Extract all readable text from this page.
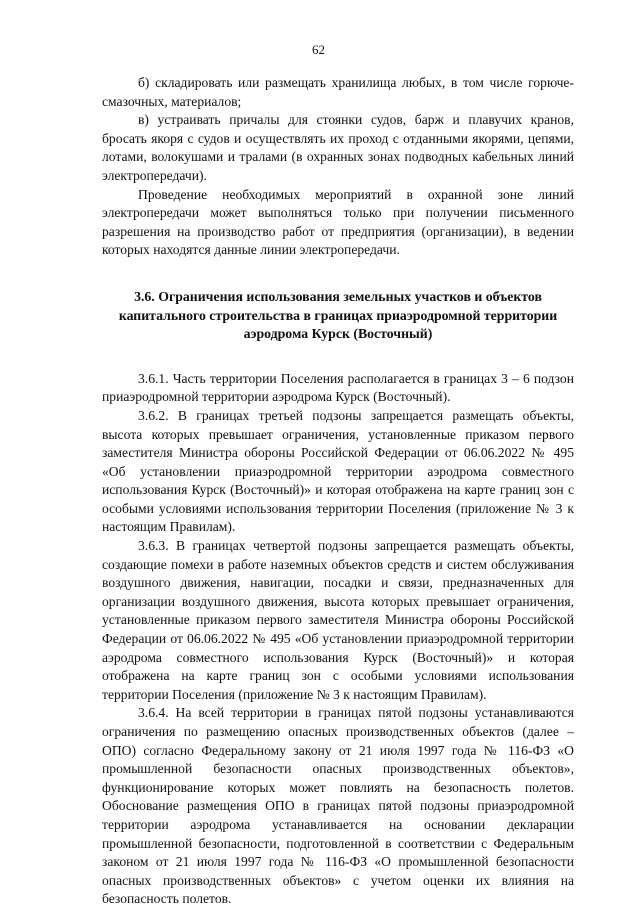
62

б) складировать или размещать хранилища любых, в том числе горюче-смазочных, материалов;

в) устраивать причалы для стоянки судов, барж и плавучих кранов, бросать якоря с судов и осуществлять их проход с отданными якорями, цепями, лотами, волокушами и тралами (в охранных зонах подводных кабельных линий электропередачи).

Проведение необходимых мероприятий в охранной зоне линий электропередачи может выполняться только при получении письменного разрешения на производство работ от предприятия (организации), в ведении которых находятся данные линии электропередачи.

3.6. Ограничения использования земельных участков и объектов капитального строительства в границах приаэродромной территории аэродрома Курск (Восточный)

3.6.1. Часть территории Поселения располагается в границах 3 – 6 подзон приаэродромной территории аэродрома Курск (Восточный).

3.6.2. В границах третьей подзоны запрещается размещать объекты, высота которых превышает ограничения, установленные приказом первого заместителя Министра обороны Российской Федерации от 06.06.2022 № 495 «Об установлении приаэродромной территории аэродрома совместного использования Курск (Восточный)» и которая отображена на карте границ зон с особыми условиями использования территории Поселения (приложение № 3 к настоящим Правилам).

3.6.3. В границах четвертой подзоны запрещается размещать объекты, создающие помехи в работе наземных объектов средств и систем обслуживания воздушного движения, навигации, посадки и связи, предназначенных для организации воздушного движения, высота которых превышает ограничения, установленные приказом первого заместителя Министра обороны Российской Федерации от 06.06.2022 № 495 «Об установлении приаэродромной территории аэродрома совместного использования Курск (Восточный)» и которая отображена на карте границ зон с особыми условиями использования территории Поселения (приложение № 3 к настоящим Правилам).

3.6.4. На всей территории в границах пятой подзоны устанавливаются ограничения по размещению опасных производственных объектов (далее – ОПО) согласно Федеральному закону от 21 июля 1997 года № 116-ФЗ «О промышленной безопасности опасных производственных объектов», функционирование которых может повлиять на безопасность полетов. Обоснование размещения ОПО в границах пятой подзоны приаэродромной территории аэродрома устанавливается на основании декларации промышленной безопасности, подготовленной в соответствии с Федеральным законом от 21 июля 1997 года № 116-ФЗ «О промышленной безопасности опасных производственных объектов» с учетом оценки их влияния на безопасность полетов.
